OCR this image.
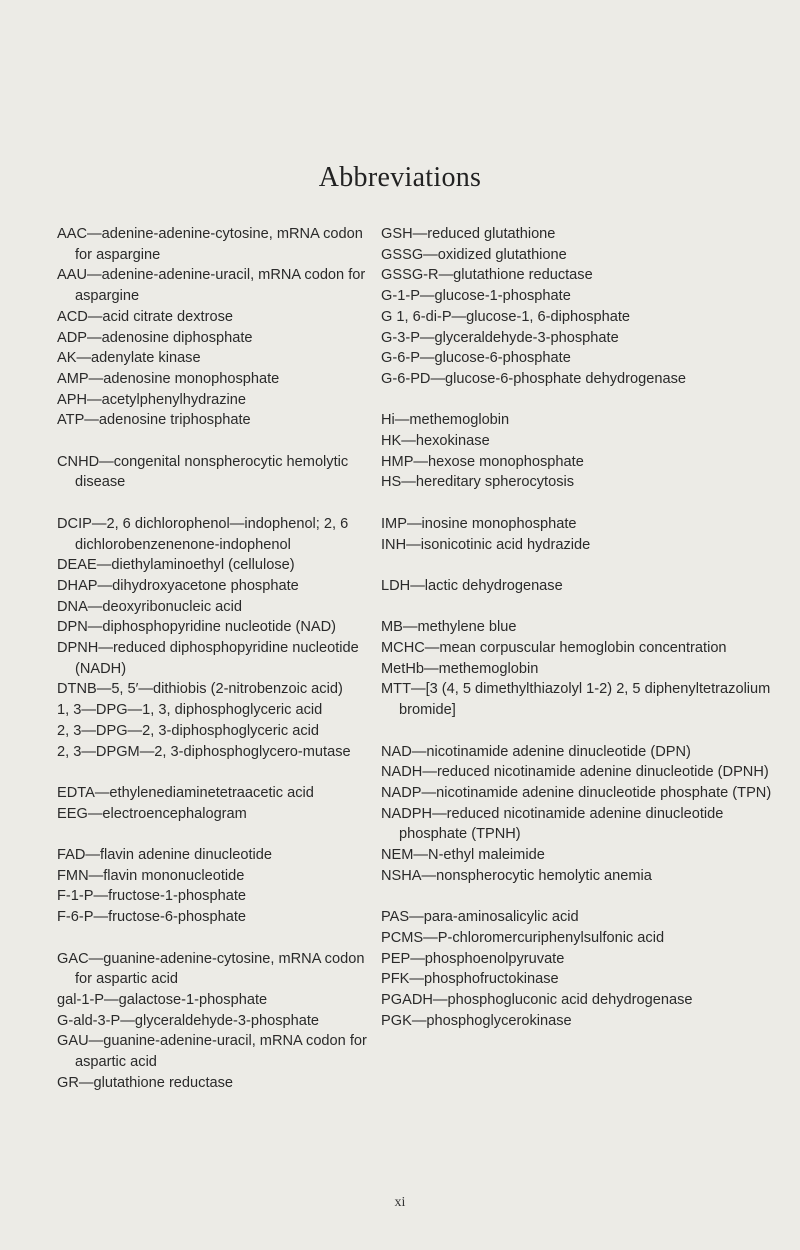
Abbreviations

AAC—adenine-adenine-cytosine, mRNA codon for aspargine

AAU—adenine-adenine-uracil, mRNA codon for aspargine

ACD—acid citrate dextrose

ADP—adenosine diphosphate

AK—adenylate kinase

AMP—adenosine monophosphate

APH—acetylphenylhydrazine

ATP—adenosine triphosphate

CNHD—congenital nonspherocytic hemolytic disease

DCIP—2, 6 dichlorophenol—indophenol; 2, 6 dichlorobenzenenone-indophenol

DEAE—diethylaminoethyl (cellulose)

DHAP—dihydroxyacetone phosphate

DNA—deoxyribonucleic acid

DPN—diphosphopyridine nucleotide (NAD)

DPNH—reduced diphosphopyridine nucleotide (NADH)

DTNB—5, 5′—dithiobis (2-nitrobenzoic acid)

1, 3—DPG—1, 3, diphosphoglyceric acid

2, 3—DPG—2, 3-diphosphoglyceric acid

2, 3—DPGM—2, 3-diphosphoglycero-mutase

EDTA—ethylenediaminetetraacetic acid

EEG—electroencephalogram

FAD—flavin adenine dinucleotide

FMN—flavin mononucleotide

F-1-P—fructose-1-phosphate

F-6-P—fructose-6-phosphate

GAC—guanine-adenine-cytosine, mRNA codon for aspartic acid

gal-1-P—galactose-1-phosphate

G-ald-3-P—glyceraldehyde-3-phosphate

GAU—guanine-adenine-uracil, mRNA codon for aspartic acid

GR—glutathione reductase

GSH—reduced glutathione

GSSG—oxidized glutathione

GSSG-R—glutathione reductase

G-1-P—glucose-1-phosphate

G 1, 6-di-P—glucose-1, 6-diphosphate

G-3-P—glyceraldehyde-3-phosphate

G-6-P—glucose-6-phosphate

G-6-PD—glucose-6-phosphate dehydrogenase

Hi—methemoglobin

HK—hexokinase

HMP—hexose monophosphate

HS—hereditary spherocytosis

IMP—inosine monophosphate

INH—isonicotinic acid hydrazide

LDH—lactic dehydrogenase

MB—methylene blue

MCHC—mean corpuscular hemoglobin concentration

MetHb—methemoglobin

MTT—[3 (4, 5 dimethylthiazolyl 1-2) 2, 5 diphenyltetrazolium bromide]

NAD—nicotinamide adenine dinucleotide (DPN)

NADH—reduced nicotinamide adenine dinucleotide (DPNH)

NADP—nicotinamide adenine dinucleotide phosphate (TPN)

NADPH—reduced nicotinamide adenine dinucleotide phosphate (TPNH)

NEM—N-ethyl maleimide

NSHA—nonspherocytic hemolytic anemia

PAS—para-aminosalicylic acid

PCMS—P-chloromercuriphenylsulfonic acid

PEP—phosphoenolpyruvate

PFK—phosphofructokinase

PGADH—phosphogluconic acid dehydrogenase

PGK—phosphoglycerokinase

xi
